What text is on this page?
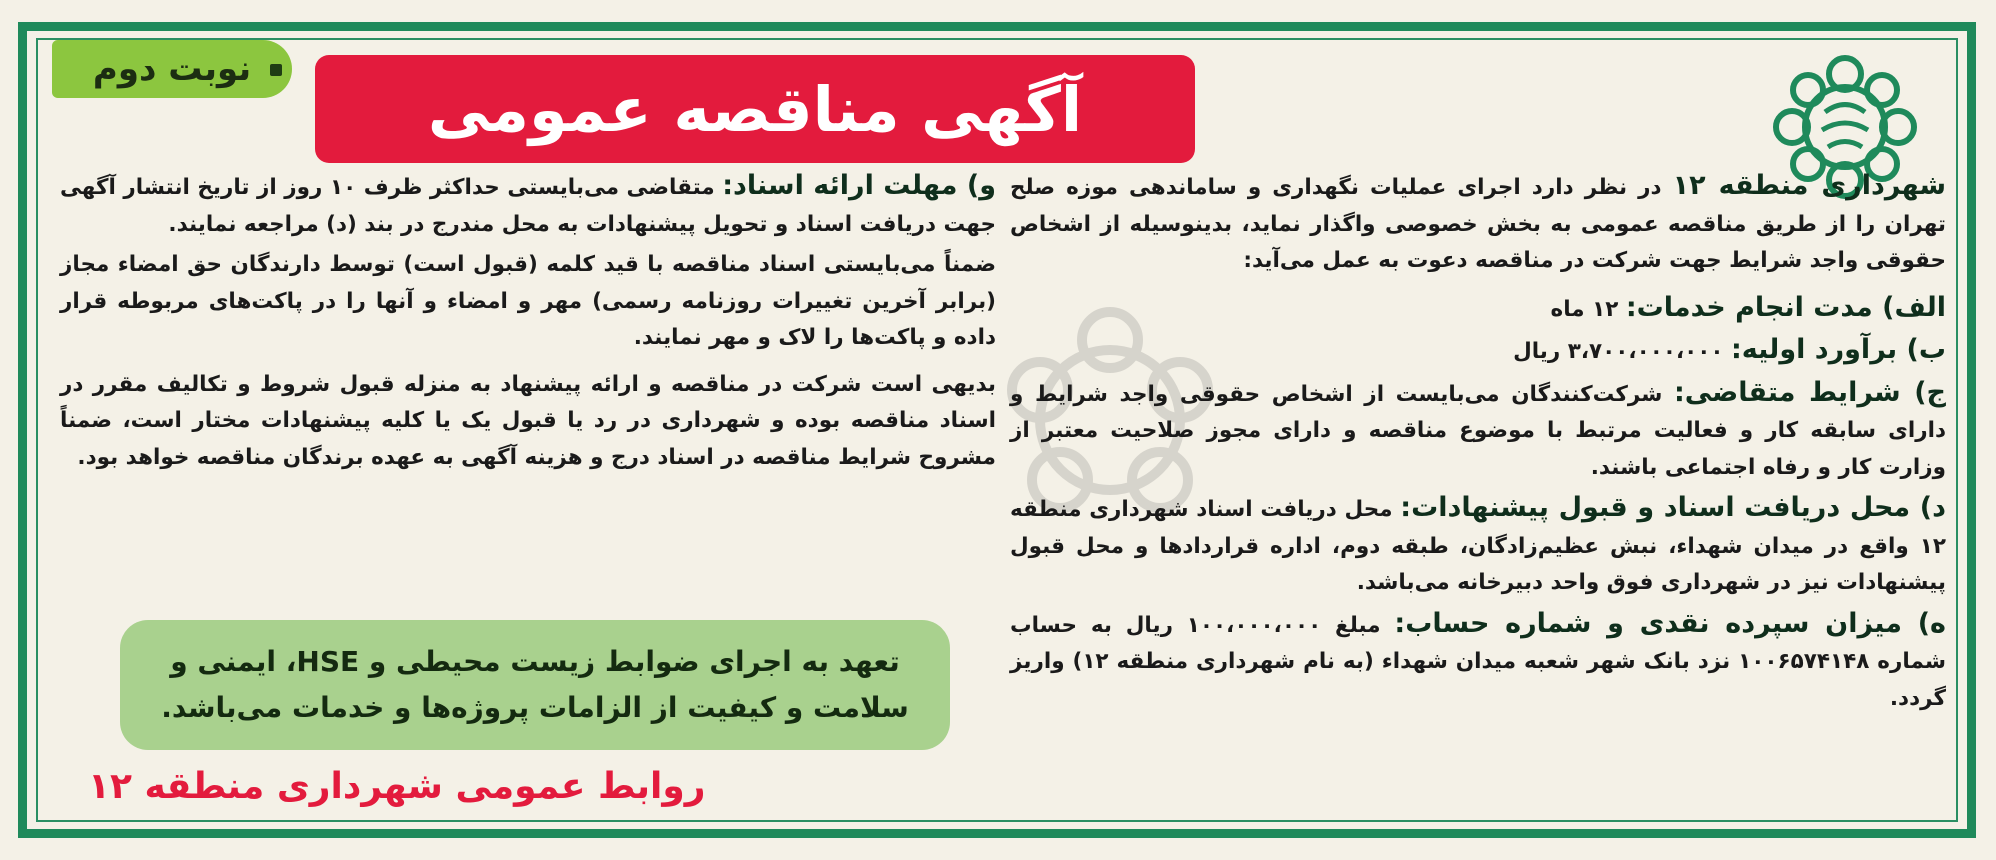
نوبت دوم
آگهی مناقصه عمومی

شهرداری منطقه ۱۲ در نظر دارد اجرای عملیات نگهداری و ساماندهی موزه صلح تهران را از طریق مناقصه عمومی به بخش خصوصی واگذار نماید، بدینوسیله از اشخاص حقوقی واجد شرایط جهت شرکت در مناقصه دعوت به عمل می‌آید:

الف) مدت انجام خدمات: ۱۲ ماه

ب) برآورد اولیه: ۳،۷۰۰،۰۰۰،۰۰۰ ریال

ج) شرایط متقاضی: شرکت‌کنندگان می‌بایست از اشخاص حقوقی واجد شرایط و دارای سابقه کار و فعالیت مرتبط با موضوع مناقصه و دارای مجوز صلاحیت معتبر از وزارت کار و رفاه اجتماعی باشند.

د) محل دریافت اسناد و قبول پیشنهادات: محل دریافت اسناد شهرداری منطقه ۱۲ واقع در میدان شهداء، نبش عظیم‌زادگان، طبقه دوم، اداره قراردادها و محل قبول پیشنهادات نیز در شهرداری فوق واحد دبیرخانه می‌باشد.

ه) میزان سپرده نقدی و شماره حساب: مبلغ ۱۰۰،۰۰۰،۰۰۰ ریال به حساب شماره ۱۰۰۶۵۷۴۱۴۸ نزد بانک شهر شعبه میدان شهداء (به نام شهرداری منطقه ۱۲) واریز گردد.

و) مهلت ارائه اسناد: متقاضی می‌بایستی حداکثر ظرف ۱۰ روز از تاریخ انتشار آگهی جهت دریافت اسناد و تحویل پیشنهادات به محل مندرج در بند (د) مراجعه نمایند.

ضمناً می‌بایستی اسناد مناقصه با قید کلمه (قبول است) توسط دارندگان حق امضاء مجاز (برابر آخرین تغییرات روزنامه رسمی) مهر و امضاء و آنها را در پاکت‌های مربوطه قرار داده و پاکت‌ها را لاک و مهر نمایند.

بدیهی است شرکت در مناقصه و ارائه پیشنهاد به منزله قبول شروط و تکالیف مقرر در اسناد مناقصه بوده و شهرداری در رد یا قبول یک یا کلیه پیشنهادات مختار است، ضمناً مشروح شرایط مناقصه در اسناد درج و هزینه آگهی به عهده برندگان مناقصه خواهد بود.

تعهد به اجرای ضوابط زیست محیطی و HSE، ایمنی و سلامت و کیفیت از الزامات پروژه‌ها و خدمات می‌باشد.
روابط عمومی شهرداری منطقه ۱۲
